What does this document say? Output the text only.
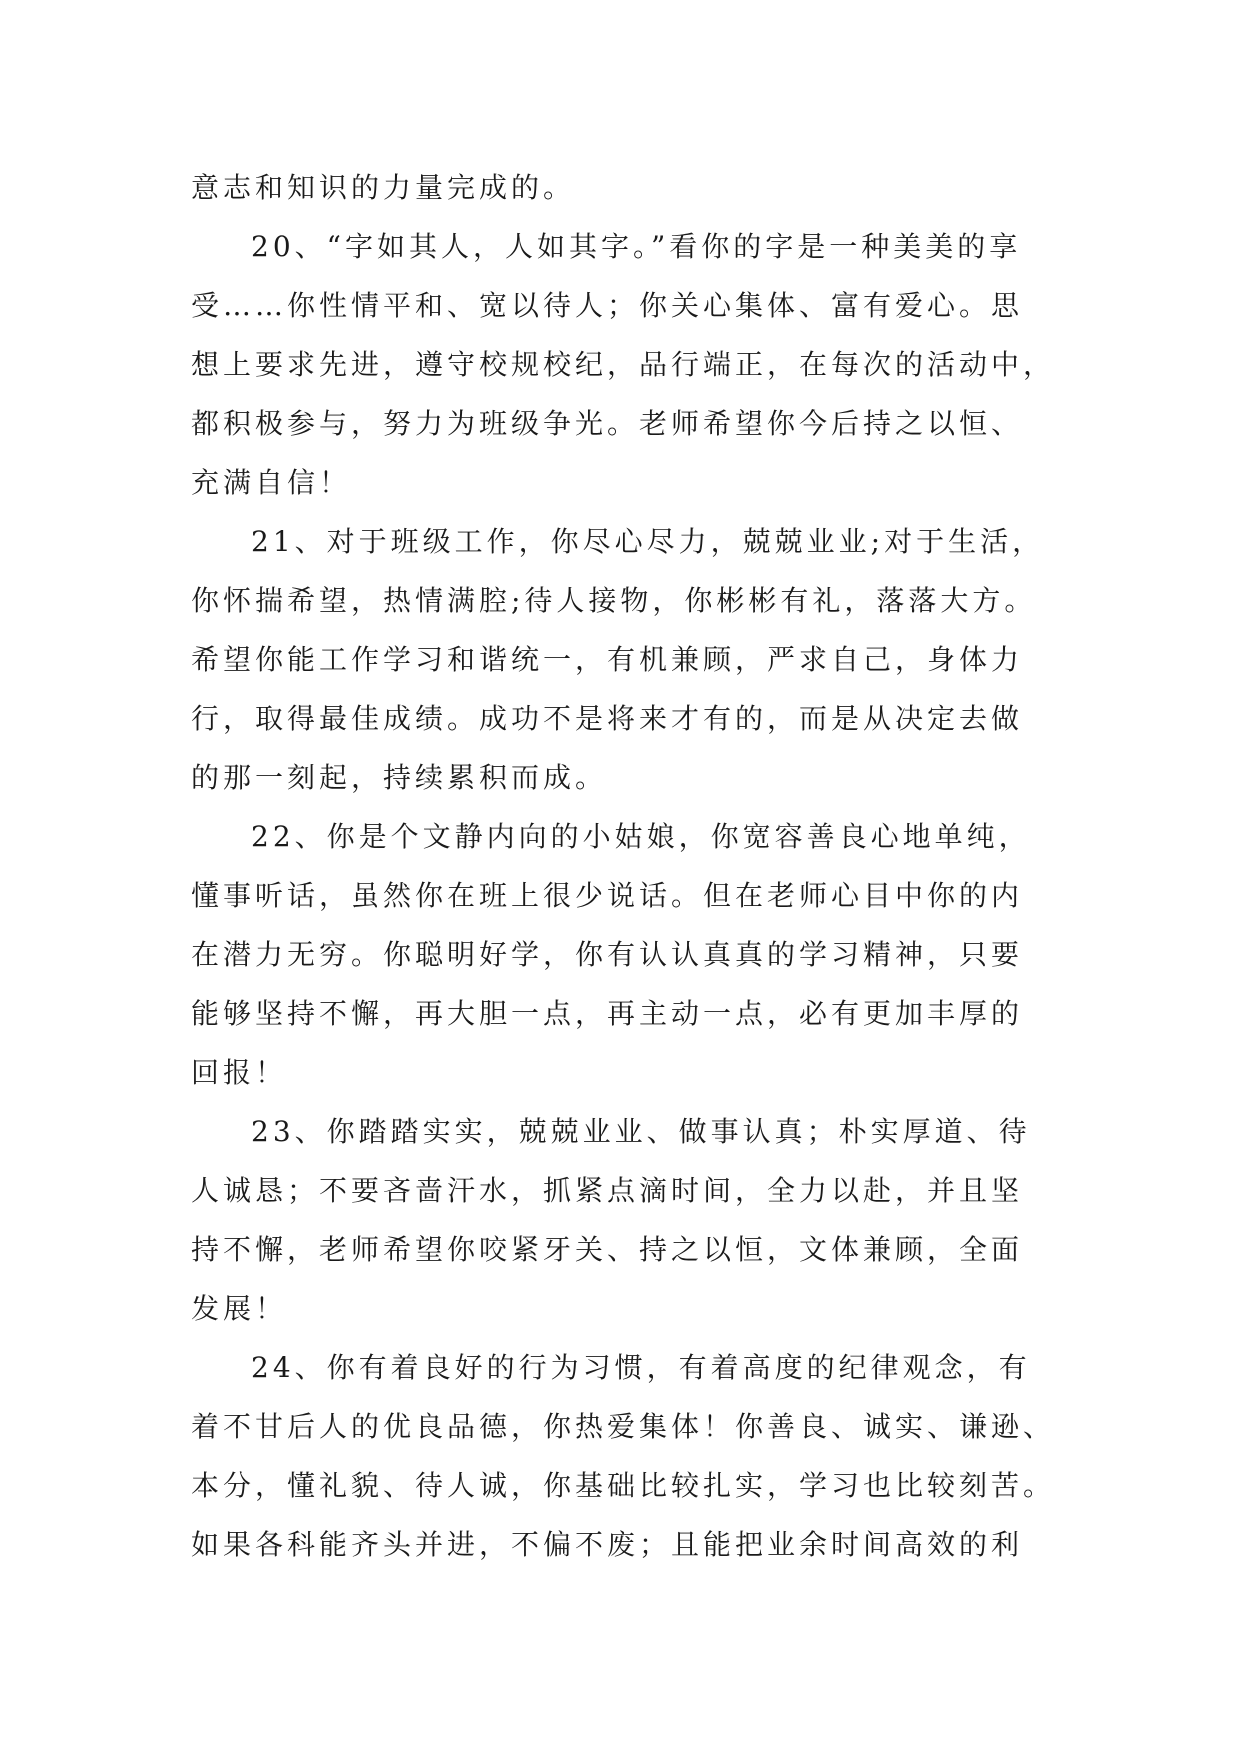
意志和知识的力量完成的。
20、“字如其人，人如其字。”看你的字是一种美美的享
受……你性情平和、宽以待人；你关心集体、富有爱心。思
想上要求先进，遵守校规校纪，品行端正，在每次的活动中，
都积极参与，努力为班级争光。老师希望你今后持之以恒、
充满自信！
21、对于班级工作，你尽心尽力，兢兢业业;对于生活，
你怀揣希望，热情满腔;待人接物，你彬彬有礼，落落大方。
希望你能工作学习和谐统一，有机兼顾，严求自己，身体力
行，取得最佳成绩。成功不是将来才有的，而是从决定去做
的那一刻起，持续累积而成。
22、你是个文静内向的小姑娘，你宽容善良心地单纯，
懂事听话，虽然你在班上很少说话。但在老师心目中你的内
在潜力无穷。你聪明好学，你有认认真真的学习精神，只要
能够坚持不懈，再大胆一点，再主动一点，必有更加丰厚的
回报！
23、你踏踏实实，兢兢业业、做事认真；朴实厚道、待
人诚恳；不要吝啬汗水，抓紧点滴时间，全力以赴，并且坚
持不懈，老师希望你咬紧牙关、持之以恒，文体兼顾，全面
发展！
24、你有着良好的行为习惯，有着高度的纪律观念，有
着不甘后人的优良品德，你热爱集体！你善良、诚实、谦逊、
本分，懂礼貌、待人诚，你基础比较扎实，学习也比较刻苦。
如果各科能齐头并进，不偏不废；且能把业余时间高效的利
